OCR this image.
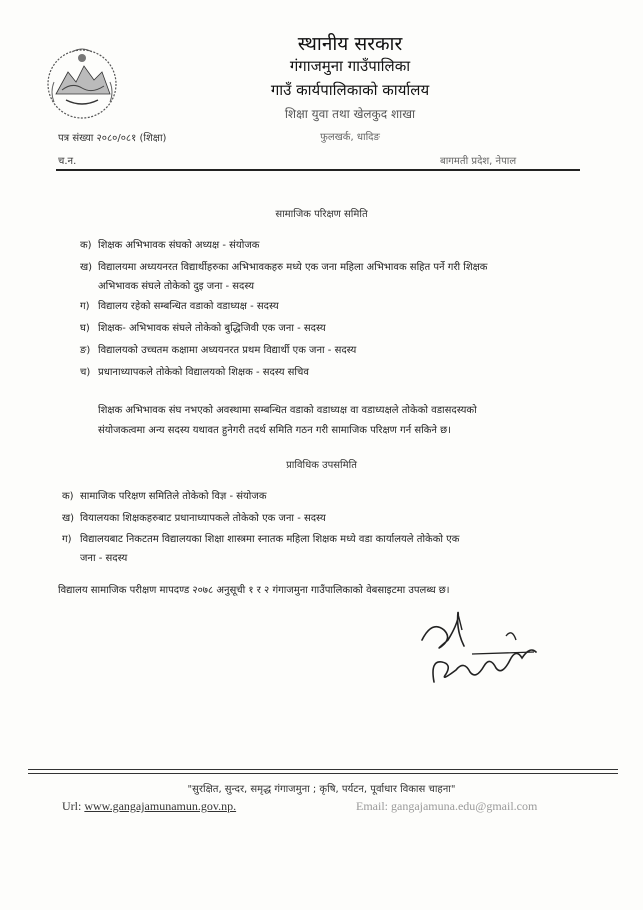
स्थानीय सरकार
गंगाजमुना गाउँपालिका
गाउँ कार्यपालिकाको कार्यालय
शिक्षा युवा तथा खेलकुद शाखा
पत्र संख्या २०८०/०८१ (शिक्षा)	फुलखर्क, धादिङ
च.न.	बागमती प्रदेश, नेपाल
सामाजिक परिक्षण समिति
क) शिक्षक अभिभावक संघको अध्यक्ष - संयोजक
ख) विद्यालयमा अध्ययनरत विद्यार्थीहरुका अभिभावकहरु मध्ये एक जना महिला अभिभावक सहित पर्ने गरी शिक्षक
अभिभावक संघले तोकेको दुइ जना - सदस्य
ग) विद्यालय रहेको सम्बन्धित वडाको वडाध्यक्ष - सदस्य
घ) शिक्षक- अभिभावक संघले तोकेको बुद्धिजिवी एक जना - सदस्य
ङ) विद्यालयको उच्चतम कक्षामा अध्ययनरत प्रथम विद्यार्थी एक जना - सदस्य
च) प्रधानाध्यापकले तोकेको विद्यालयको शिक्षक - सदस्य सचिव
शिक्षक अभिभावक संघ नभएको अवस्थामा सम्बन्धित वडाको वडाध्यक्ष वा वडाध्यक्षले तोकेको वडासदस्यको
संयोजकत्वमा अन्य सदस्य यथावत हुनेगरी तदर्थ समिति गठन गरी सामाजिक परिक्षण गर्न सकिने छ।
प्राविधिक उपसमिति
क) सामाजिक परिक्षण समितिले तोकेको विज्ञ - संयोजक
ख) वियालयका शिक्षकहरुबाट प्रधानाध्यापकले तोकेको एक जना - सदस्य
ग) विद्यालयबाट निकटतम विद्यालयका शिक्षा शास्त्रमा स्नातक महिला शिक्षक मध्ये वडा कार्यालयले तोकेको एक
जना - सदस्य
विद्यालय सामाजिक परीक्षण मापदण्ड २०७८ अनुसूची १ र २ गंगाजमुना गाउँपालिकाको वेबसाइटमा उपलब्ध छ।
"सुरक्षित, सुन्दर, समृद्ध गंगाजमुना ; कृषि, पर्यटन, पूर्वाधार विकास चाहना"
Url: www.gangajamunamun.gov.np.	Email: gangajamuna.edu@gmail.com
